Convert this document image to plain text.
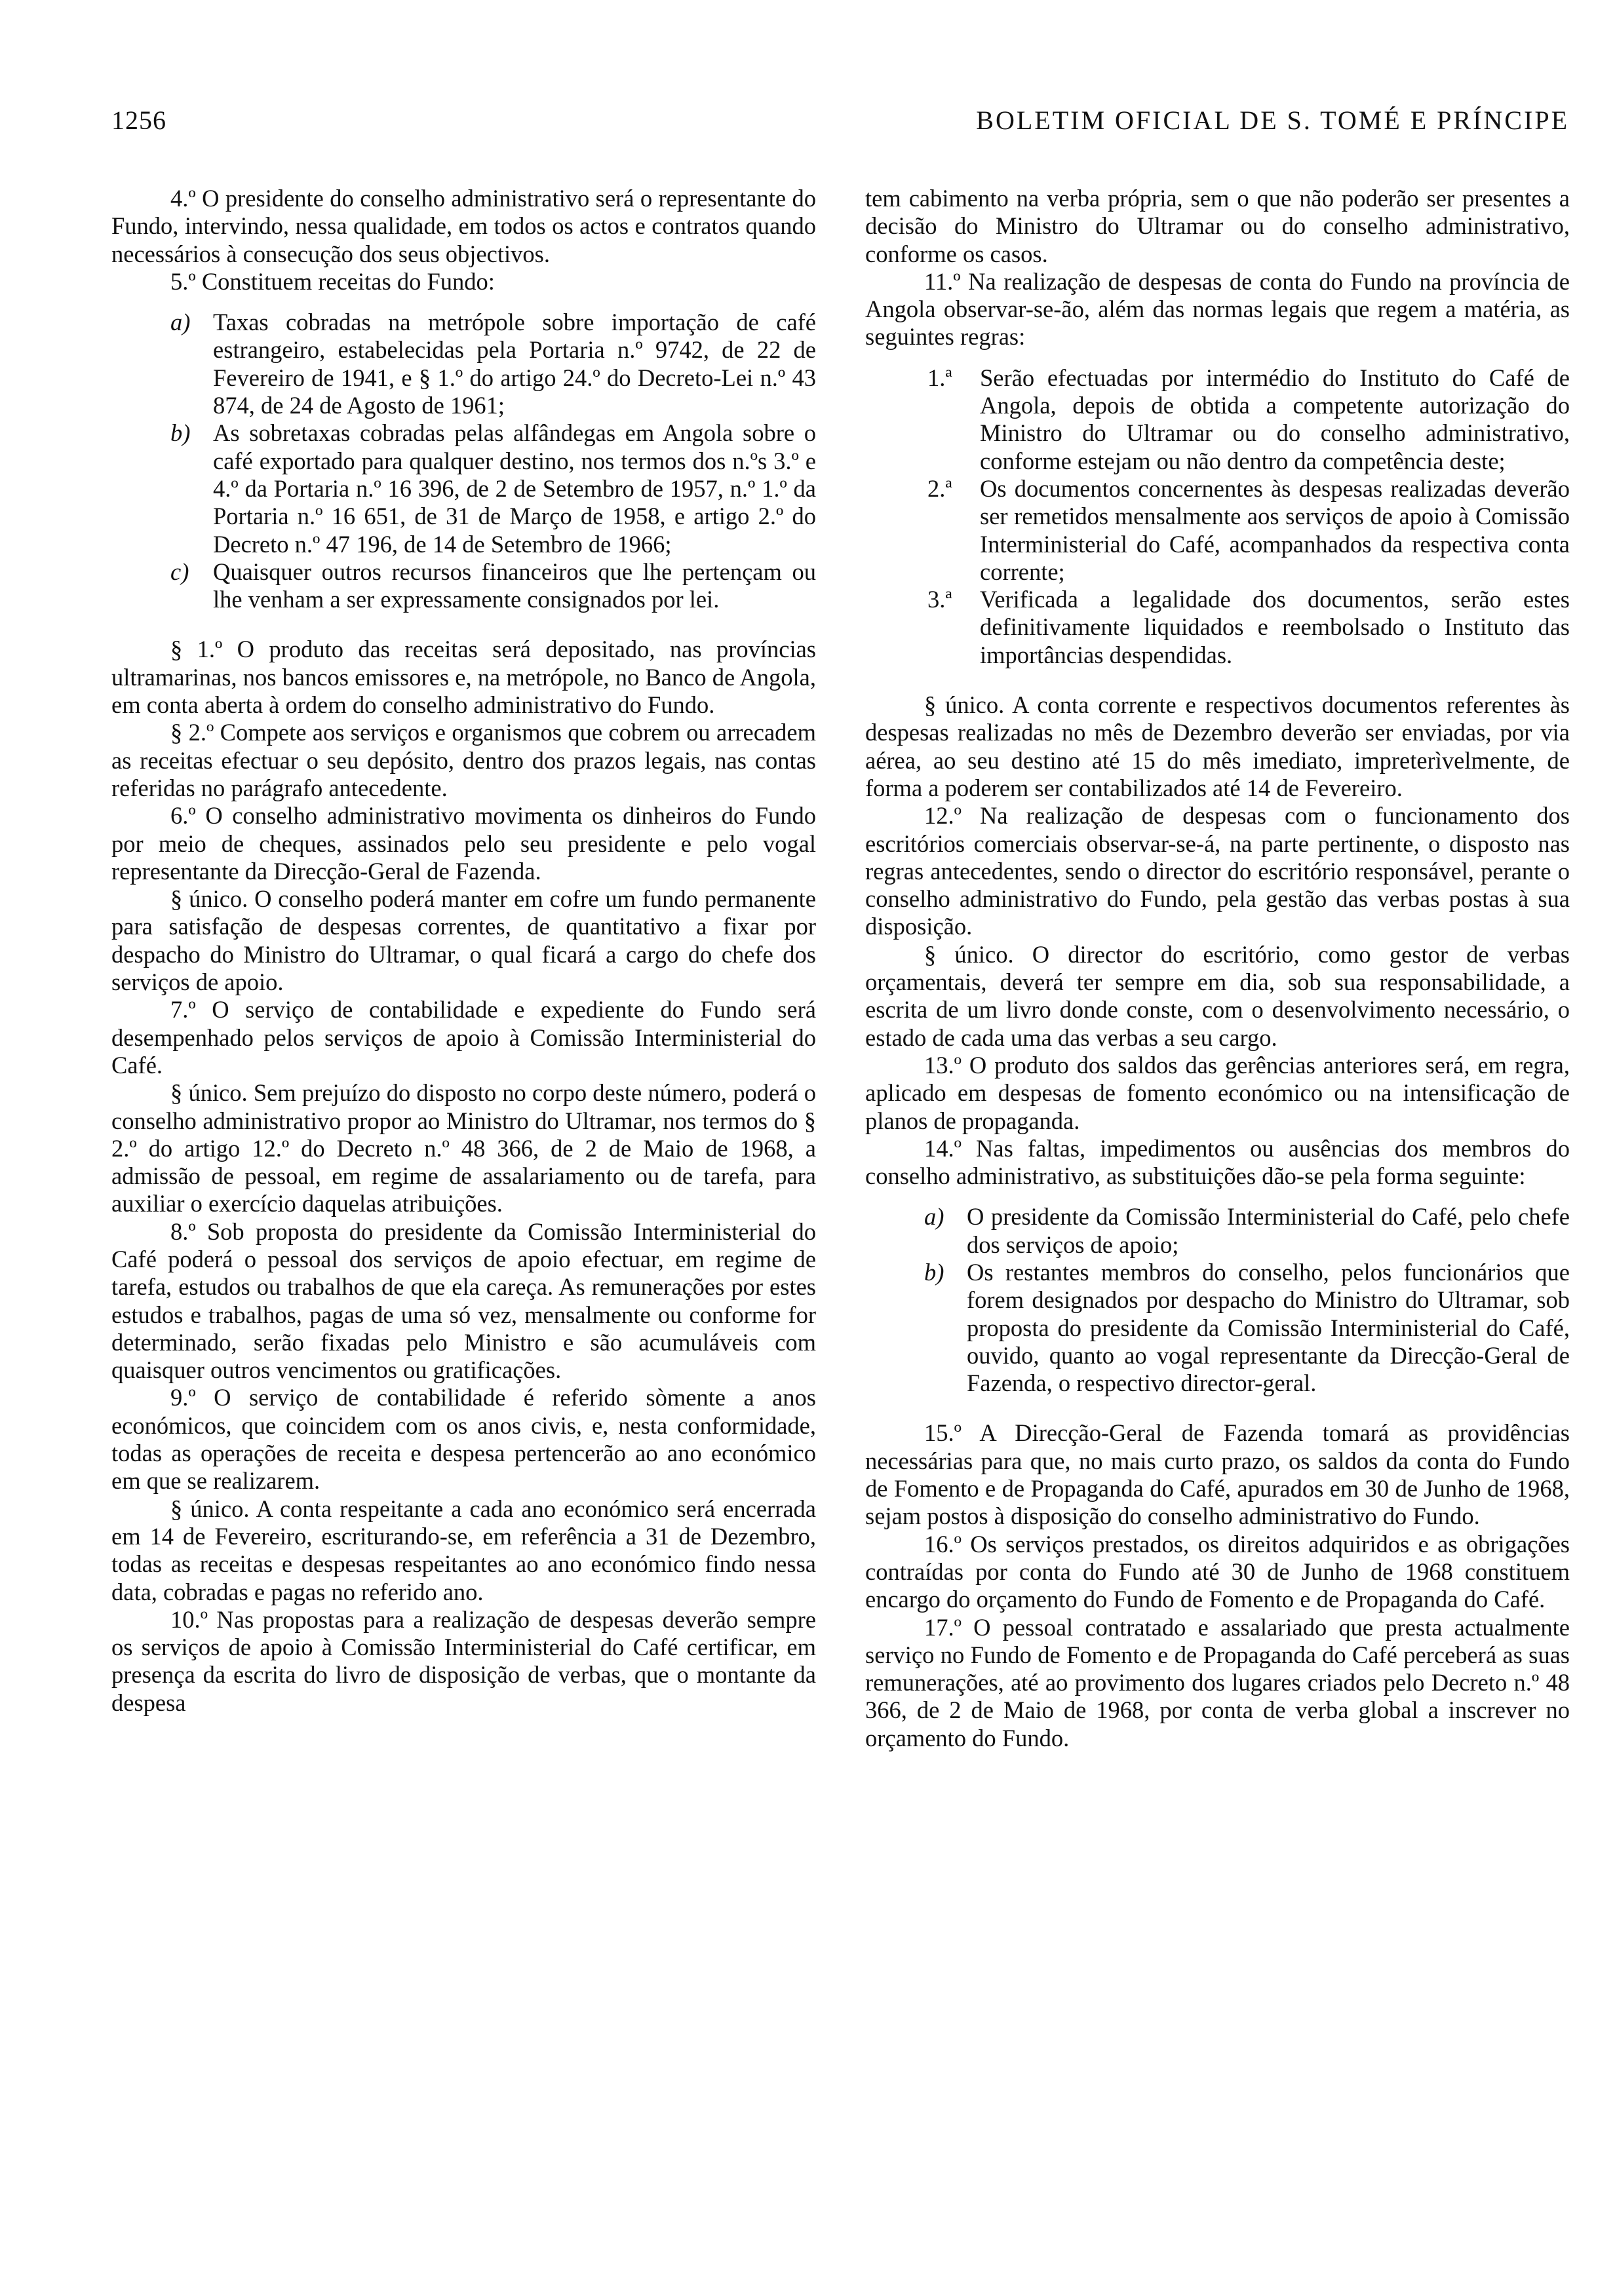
1256	BOLETIM OFICIAL DE S. TOMÉ E PRÍNCIPE

4.º O presidente do conselho administrativo será o representante do Fundo, intervindo, nessa qualidade, em todos os actos e contratos quando necessários à consecução dos seus objectivos.

5.º Constituem receitas do Fundo:

a) Taxas cobradas na metrópole sobre importação de café estrangeiro, estabelecidas pela Portaria n.º 9742, de 22 de Fevereiro de 1941, e § 1.º do artigo 24.º do Decreto-Lei n.º 43 874, de 24 de Agosto de 1961;
b) As sobretaxas cobradas pelas alfândegas em Angola sobre o café exportado para qualquer destino, nos termos dos n.ºs 3.º e 4.º da Portaria n.º 16 396, de 2 de Setembro de 1957, n.º 1.º da Portaria n.º 16 651, de 31 de Março de 1958, e artigo 2.º do Decreto n.º 47 196, de 14 de Setembro de 1966;
c) Quaisquer outros recursos financeiros que lhe pertençam ou lhe venham a ser expressamente consignados por lei.

§ 1.º O produto das receitas será depositado, nas províncias ultramarinas, nos bancos emissores e, na metrópole, no Banco de Angola, em conta aberta à ordem do conselho administrativo do Fundo.

§ 2.º Compete aos serviços e organismos que cobrem ou arrecadem as receitas efectuar o seu depósito, dentro dos prazos legais, nas contas referidas no parágrafo antecedente.

6.º O conselho administrativo movimenta os dinheiros do Fundo por meio de cheques, assinados pelo seu presidente e pelo vogal representante da Direcção-Geral de Fazenda.

§ único. O conselho poderá manter em cofre um fundo permanente para satisfação de despesas correntes, de quantitativo a fixar por despacho do Ministro do Ultramar, o qual ficará a cargo do chefe dos serviços de apoio.

7.º O serviço de contabilidade e expediente do Fundo será desempenhado pelos serviços de apoio à Comissão Interministerial do Café.

§ único. Sem prejuízo do disposto no corpo deste número, poderá o conselho administrativo propor ao Ministro do Ultramar, nos termos do § 2.º do artigo 12.º do Decreto n.º 48 366, de 2 de Maio de 1968, a admissão de pessoal, em regime de assalariamento ou de tarefa, para auxiliar o exercício daquelas atribuições.

8.º Sob proposta do presidente da Comissão Interministerial do Café poderá o pessoal dos serviços de apoio efectuar, em regime de tarefa, estudos ou trabalhos de que ela careça. As remunerações por estes estudos e trabalhos, pagas de uma só vez, mensalmente ou conforme for determinado, serão fixadas pelo Ministro e são acumuláveis com quaisquer outros vencimentos ou gratificações.

9.º O serviço de contabilidade é referido sòmente a anos económicos, que coincidem com os anos civis, e, nesta conformidade, todas as operações de receita e despesa pertencerão ao ano económico em que se realizarem.

§ único. A conta respeitante a cada ano económico será encerrada em 14 de Fevereiro, escriturando-se, em referência a 31 de Dezembro, todas as receitas e despesas respeitantes ao ano económico findo nessa data, cobradas e pagas no referido ano.

10.º Nas propostas para a realização de despesas deverão sempre os serviços de apoio à Comissão Interministerial do Café certificar, em presença da escrita do livro de disposição de verbas, que o montante da despesa

tem cabimento na verba própria, sem o que não poderão ser presentes a decisão do Ministro do Ultramar ou do conselho administrativo, conforme os casos.

11.º Na realização de despesas de conta do Fundo na província de Angola observar-se-ão, além das normas legais que regem a matéria, as seguintes regras:

1.ª Serão efectuadas por intermédio do Instituto do Café de Angola, depois de obtida a competente autorização do Ministro do Ultramar ou do conselho administrativo, conforme estejam ou não dentro da competência deste;
2.ª Os documentos concernentes às despesas realizadas deverão ser remetidos mensalmente aos serviços de apoio à Comissão Interministerial do Café, acompanhados da respectiva conta corrente;
3.ª Verificada a legalidade dos documentos, serão estes definitivamente liquidados e reembolsado o Instituto das importâncias despendidas.

§ único. A conta corrente e respectivos documentos referentes às despesas realizadas no mês de Dezembro deverão ser enviadas, por via aérea, ao seu destino até 15 do mês imediato, impreterìvelmente, de forma a poderem ser contabilizados até 14 de Fevereiro.

12.º Na realização de despesas com o funcionamento dos escritórios comerciais observar-se-á, na parte pertinente, o disposto nas regras antecedentes, sendo o director do escritório responsável, perante o conselho administrativo do Fundo, pela gestão das verbas postas à sua disposição.

§ único. O director do escritório, como gestor de verbas orçamentais, deverá ter sempre em dia, sob sua responsabilidade, a escrita de um livro donde conste, com o desenvolvimento necessário, o estado de cada uma das verbas a seu cargo.

13.º O produto dos saldos das gerências anteriores será, em regra, aplicado em despesas de fomento económico ou na intensificação de planos de propaganda.

14.º Nas faltas, impedimentos ou ausências dos membros do conselho administrativo, as substituições dão-se pela forma seguinte:

a) O presidente da Comissão Interministerial do Café, pelo chefe dos serviços de apoio;
b) Os restantes membros do conselho, pelos funcionários que forem designados por despacho do Ministro do Ultramar, sob proposta do presidente da Comissão Interministerial do Café, ouvido, quanto ao vogal representante da Direcção-Geral de Fazenda, o respectivo director-geral.

15.º A Direcção-Geral de Fazenda tomará as providências necessárias para que, no mais curto prazo, os saldos da conta do Fundo de Fomento e de Propaganda do Café, apurados em 30 de Junho de 1968, sejam postos à disposição do conselho administrativo do Fundo.

16.º Os serviços prestados, os direitos adquiridos e as obrigações contraídas por conta do Fundo até 30 de Junho de 1968 constituem encargo do orçamento do Fundo de Fomento e de Propaganda do Café.

17.º O pessoal contratado e assalariado que presta actualmente serviço no Fundo de Fomento e de Propaganda do Café perceberá as suas remunerações, até ao provimento dos lugares criados pelo Decreto n.º 48 366, de 2 de Maio de 1968, por conta de verba global a inscrever no orçamento do Fundo.
